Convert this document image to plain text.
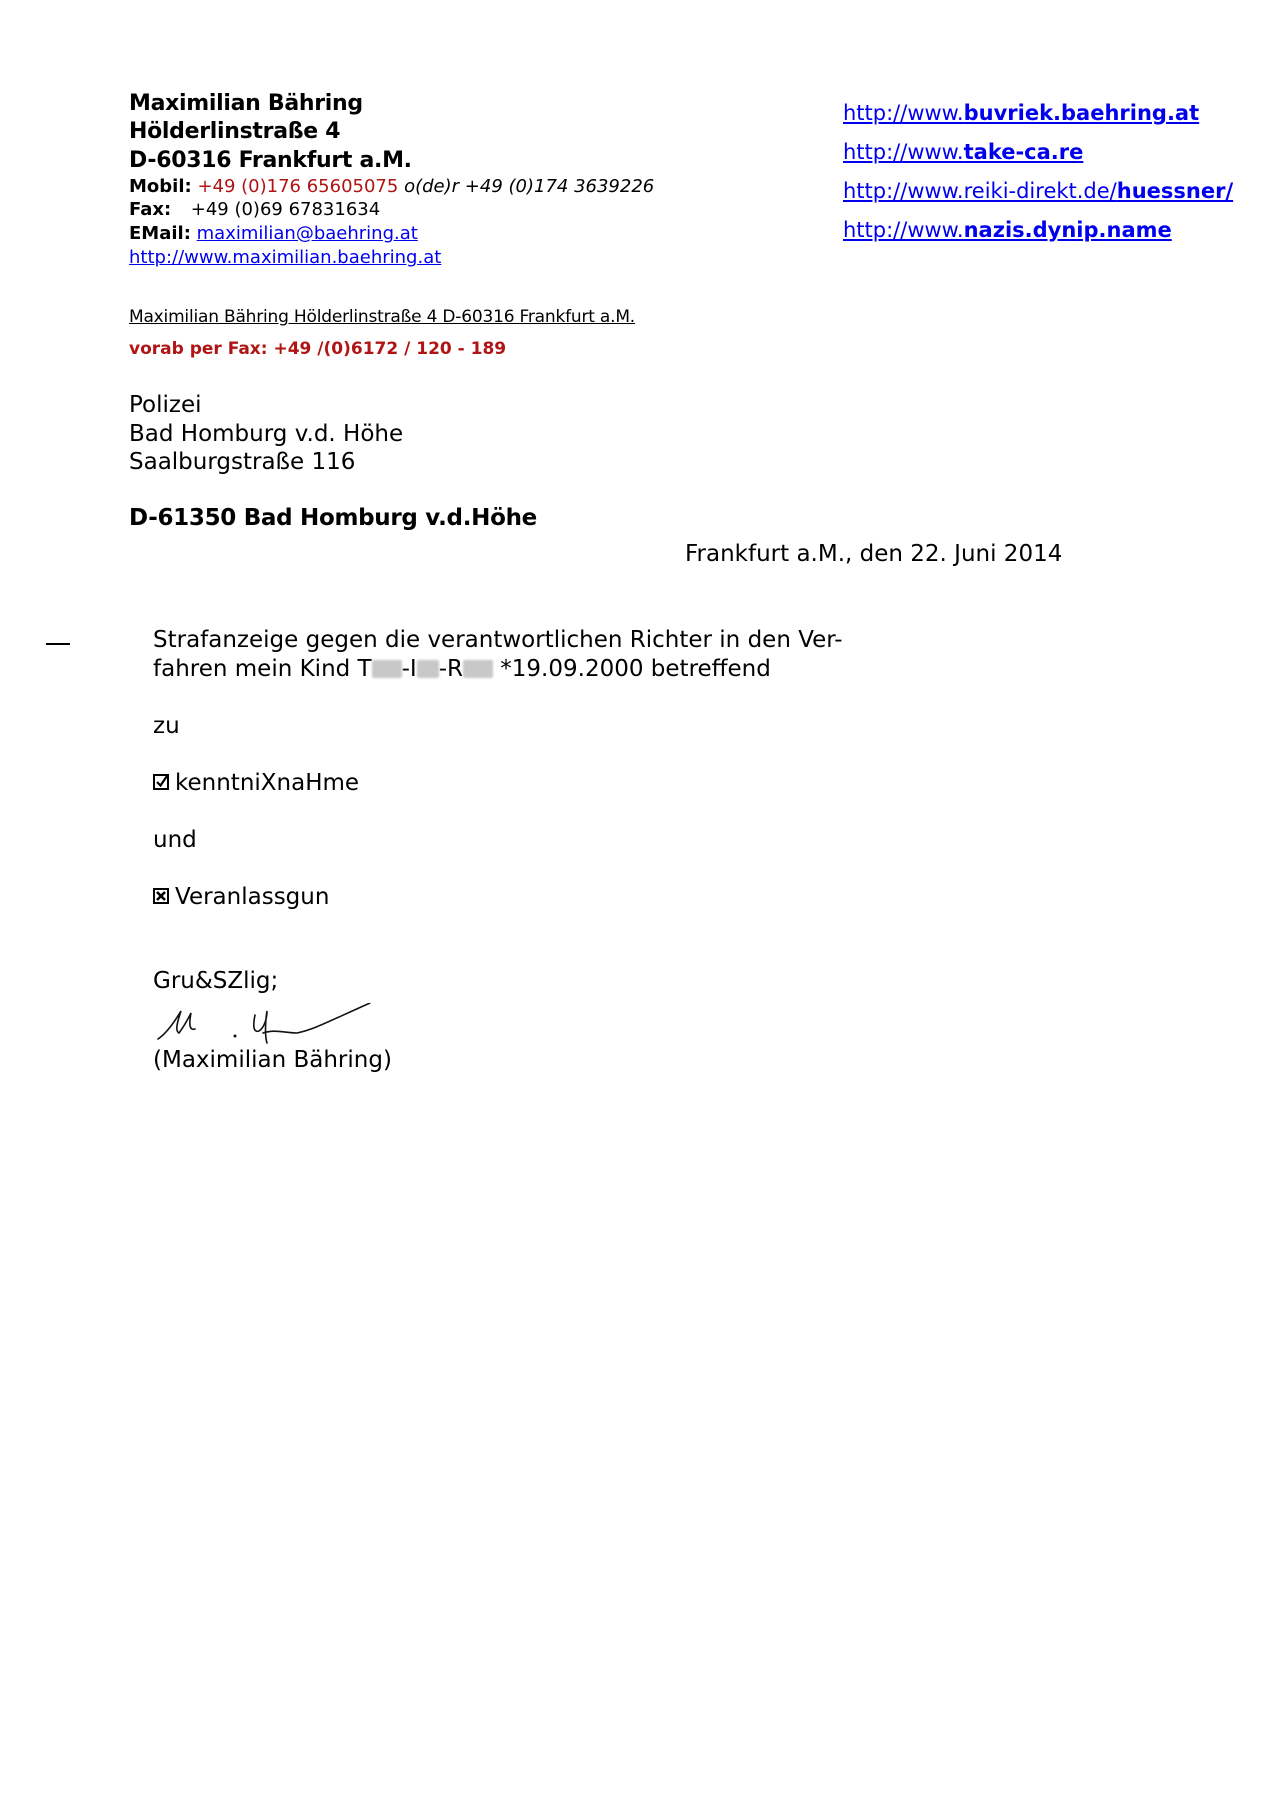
Maximilian Bähring
Hölderlinstraße 4
D-60316 Frankfurt a.M.
Mobil: +49 (0)176 65605075 o(de)r +49 (0)174 3639226
Fax: +49 (0)69 67831634
EMail: maximilian@baehring.at
http://www.maximilian.baehring.at
http://www.buvriek.baehring.at
http://www.take-ca.re
http://www.reiki-direkt.de/huessner/
http://www.nazis.dynip.name
Maximilian Bähring Hölderlinstraße 4 D-60316 Frankfurt a.M.
vorab per Fax: +49 /(0)6172 / 120 - 189
Polizei
Bad Homburg v.d. Höhe
Saalburgstraße 116
D-61350 Bad Homburg v.d.Höhe
Frankfurt a.M., den 22. Juni 2014
Strafanzeige gegen die verantwortlichen Richter in den Ver-
fahren mein Kind T -I -R *19.09.2000 betreffend
zu
kenntniXnaHme
und
Veranlassgun
Gru&SZlig;
(Maximilian Bähring)
